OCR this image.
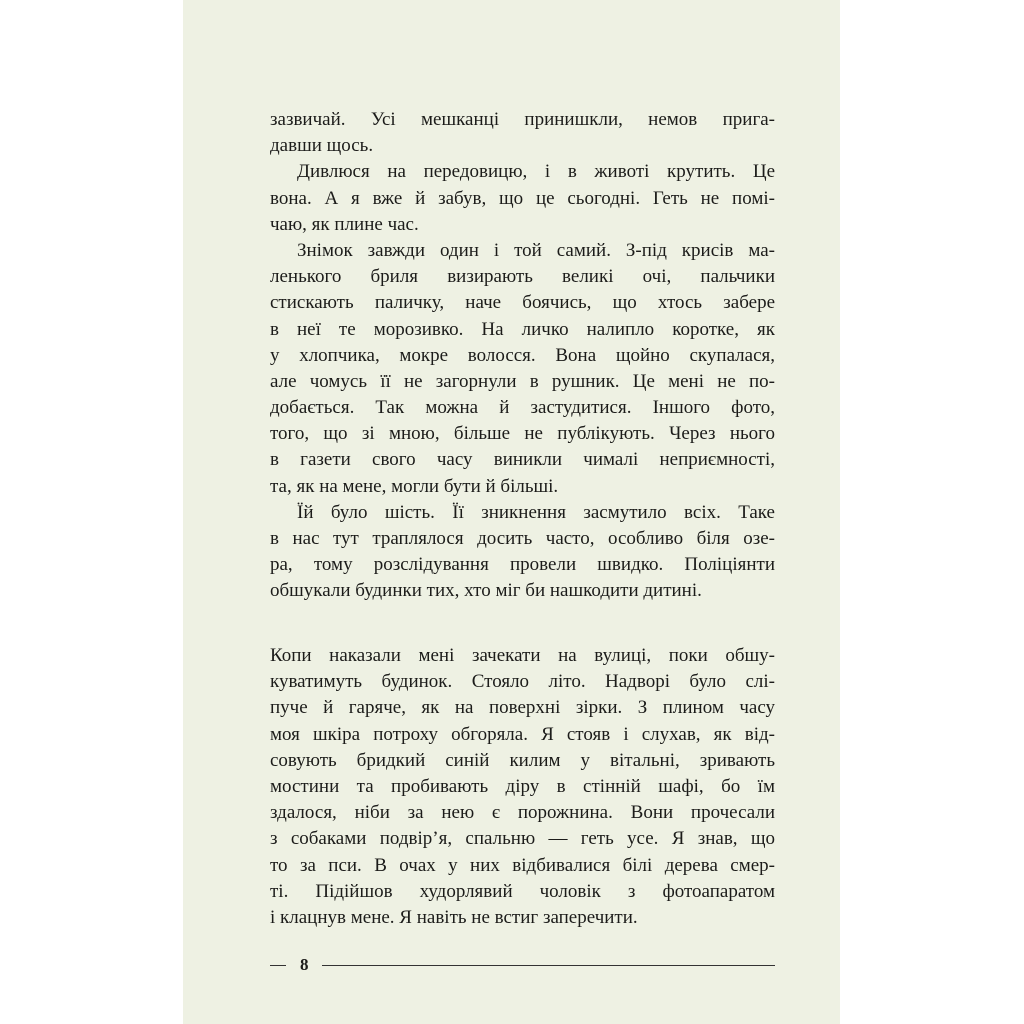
зазвичай. Усі мешканці принишкли, немов прига-
давши щось.
Дивлюся на передовицю, і в животі крутить. Це
вона. А я вже й забув, що це сьогодні. Геть не помі-
чаю, як плине час.
Знімок завжди один і той самий. З-під крисів ма-
ленького бриля визирають великі очі, пальчики
стискають паличку, наче боячись, що хтось забере
в неї те морозивко. На личко налипло коротке, як
у хлопчика, мокре волосся. Вона щойно скупалася,
але чомусь її не загорнули в рушник. Це мені не по-
добається. Так можна й застудитися. Іншого фото,
того, що зі мною, більше не публікують. Через нього
в газети свого часу виникли чималі неприємності,
та, як на мене, могли бути й більші.
Їй було шість. Її зникнення засмутило всіх. Таке
в нас тут траплялося досить часто, особливо біля озе-
ра, тому розслідування провели швидко. Поліціянти
обшукали будинки тих, хто міг би нашкодити дитині.
Копи наказали мені зачекати на вулиці, поки обшу-
куватимуть будинок. Стояло літо. Надворі було слі-
пуче й гаряче, як на поверхні зірки. З плином часу
моя шкіра потроху обгоряла. Я стояв і слухав, як від-
совують бридкий синій килим у вітальні, зривають
мостини та пробивають діру в стінній шафі, бо їм
здалося, ніби за нею є порожнина. Вони прочесали
з собаками подвір’я, спальню — геть усе. Я знав, що
то за пси. В очах у них відбивалися білі дерева смер-
ті. Підійшов худорлявий чоловік з фотоапаратом
і клацнув мене. Я навіть не встиг заперечити.
8
